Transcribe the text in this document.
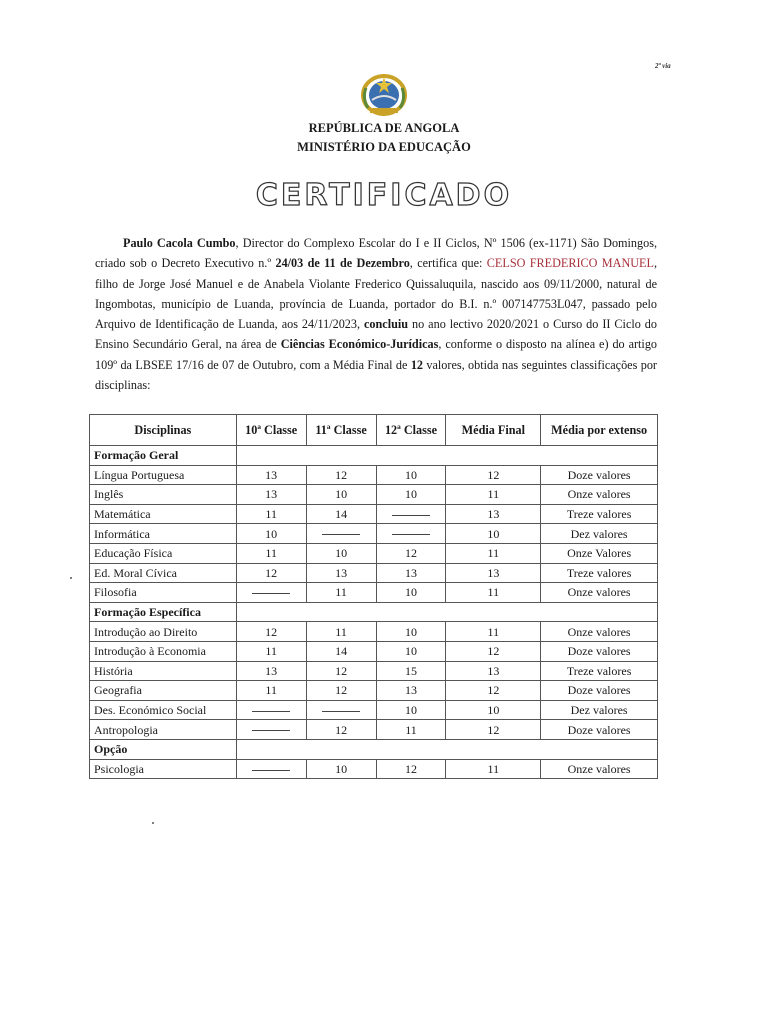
2ª via
REPÚBLICA DE ANGOLA
MINISTÉRIO DA EDUCAÇÃO
CERTIFICADO
Paulo Cacola Cumbo, Director do Complexo Escolar do I e II Ciclos, Nº 1506 (ex-1171) São Domingos, criado sob o Decreto Executivo n.º 24/03 de 11 de Dezembro, certifica que: CELSO FREDERICO MANUEL, filho de Jorge José Manuel e de Anabela Violante Frederico Quissaluquila, nascido aos 09/11/2000, natural de Ingombotas, município de Luanda, província de Luanda, portador do B.I. n.º 007147753L047, passado pelo Arquivo de Identificação de Luanda, aos 24/11/2023, concluiu no ano lectivo 2020/2021 o Curso do II Ciclo do Ensino Secundário Geral, na área de Ciências Económico-Jurídicas, conforme o disposto na alínea e) do artigo 109º da LBSEE 17/16 de 07 de Outubro, com a Média Final de 12 valores, obtida nas seguintes classificações por disciplinas:
Disciplinas	10ª Classe	11ª Classe	12ª Classe	Média Final	Média por extenso
Formação Geral					
Língua Portuguesa	13	12	10	12	Doze valores
Inglês	13	10	10	11	Onze valores
Matemática	11	14		13	Treze valores
Informática	10			10	Dez valores
Educação Física	11	10	12	11	Onze Valores
Ed. Moral Cívica	12	13	13	13	Treze valores
Filosofia		11	10	11	Onze valores
Formação Específica					
Introdução ao Direito	12	11	10	11	Onze valores
Introdução à Economia	11	14	10	12	Doze valores
História	13	12	15	13	Treze valores
Geografia	11	12	13	12	Doze valores
Des. Económico Social			10	10	Dez valores
Antropologia		12	11	12	Doze valores
Opção					
Psicologia		10	12	11	Onze valores
